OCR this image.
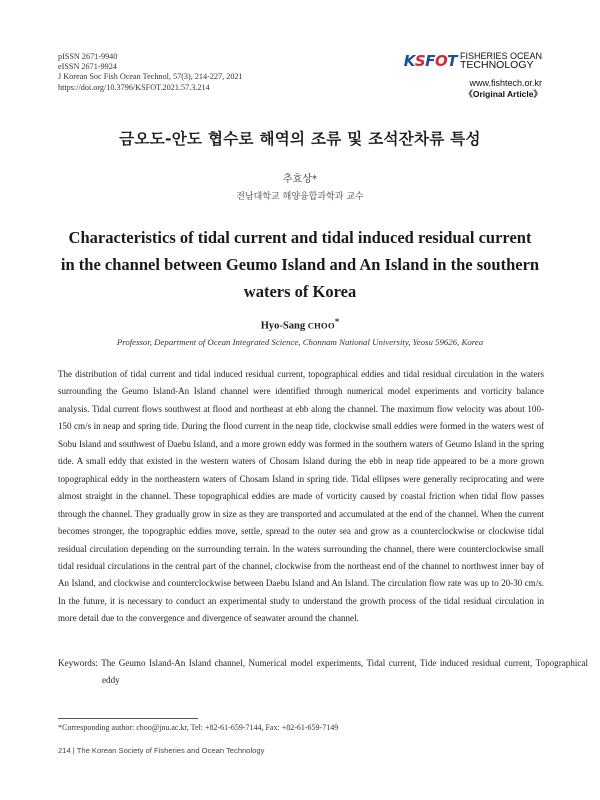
pISSN 2671-9940
eISSN 2671-9924
J Korean Soc Fish Ocean Technol, 57(3), 214-227, 2021
https://doi.org/10.3796/KSFOT.2021.57.3.214
KSFOT FISHERIES OCEAN
TECHNOLOGY
www.fishtech.or.kr
《Original Article》
금오도-안도 협수로 해역의 조류 및 조석잔차류 특성
추효상*
전남대학교 해양융합과학과 교수
Characteristics of tidal current and tidal induced residual current in the channel between Geumo Island and An Island in the southern waters of Korea
Hyo-Sang CHOO*
Professor, Department of Ocean Integrated Science, Chonnam National University, Yeosu 59626, Korea

The distribution of tidal current and tidal induced residual current, topographical eddies and tidal residual circulation in the waters surrounding the Geumo Island-An Island channel were identified through numerical model experiments and vorticity balance analysis. Tidal current flows southwest at flood and northeast at ebb along the channel. The maximum flow velocity was about 100-150 cm/s in neap and spring tide. During the flood current in the neap tide, clockwise small eddies were formed in the waters west of Sobu Island and southwest of Daebu Island, and a more grown eddy was formed in the southern waters of Geumo Island in the spring tide. A small eddy that existed in the western waters of Chosam Island during the ebb in neap tide appeared to be a more grown topographical eddy in the northeastern waters of Chosam Island in spring tide. Tidal ellipses were generally reciprocating and were almost straight in the channel. These topographical eddies are made of vorticity caused by coastal friction when tidal flow passes through the channel. They gradually grow in size as they are transported and accumulated at the end of the channel. When the current becomes stronger, the topographic eddies move, settle, spread to the outer sea and grow as a counterclockwise or clockwise tidal residual circulation depending on the surrounding terrain. In the waters surrounding the channel, there were counterclockwise small tidal residual circulations in the central part of the channel, clockwise from the northeast end of the channel to northwest inner bay of An Island, and clockwise and counterclockwise between Daebu Island and An Island. The circulation flow rate was up to 20-30 cm/s. In the future, it is necessary to conduct an experimental study to understand the growth process of the tidal residual circulation in more detail due to the convergence and divergence of seawater around the channel.

Keywords: The Geumo Island-An Island channel, Numerical model experiments, Tidal current, Tide induced residual current, Topographical eddy
*Corresponding author: choo@jnu.ac.kr, Tel: +82-61-659-7144, Fax: +82-61-659-7149
214 | The Korean Society of Fisheries and Ocean Technology
